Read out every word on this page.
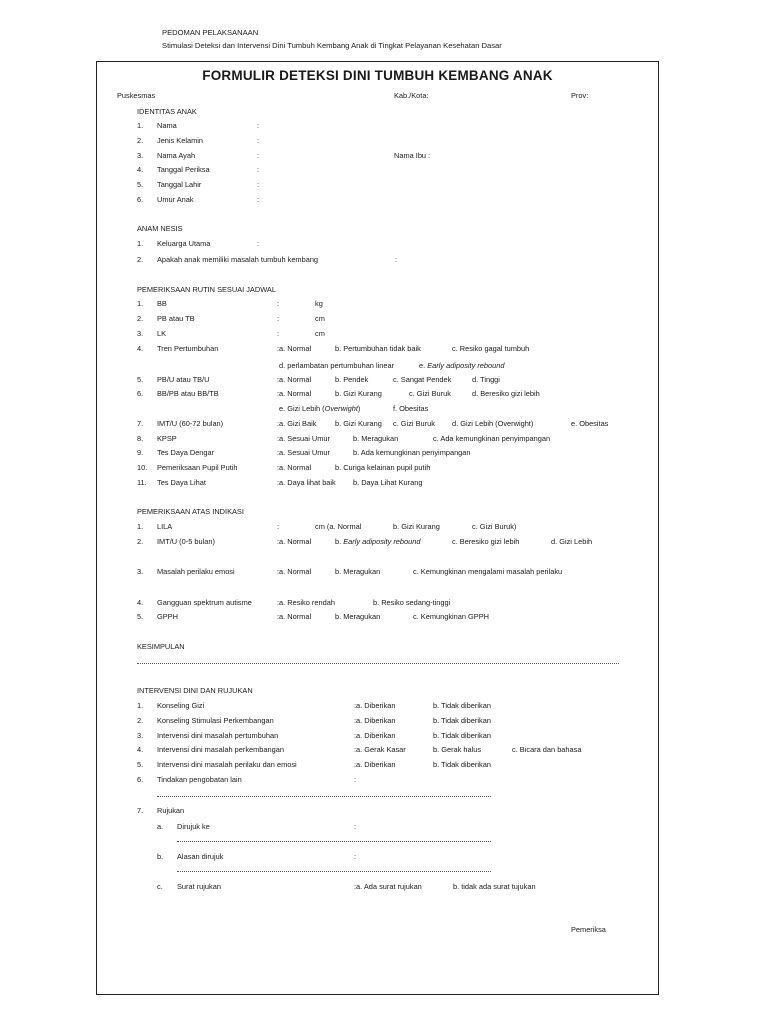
PEDOMAN PELAKSANAAN
Stimulasi Deteksi dan Intervensi Dini Tumbuh Kembang Anak di Tingkat Pelayanan Kesehatan Dasar
FORMULIR DETEKSI DINI TUMBUH KEMBANG ANAK
Puskesmas	Kab./Kota:	Prov:
IDENTITAS ANAK
1. Nama	:
2. Jenis Kelamin	:
3. Nama Ayah	:	Nama Ibu :
4. Tanggal Periksa	:
5. Tanggal Lahir	:
6. Umur Anak	:
ANAM NESIS
1. Keluarga Utama	:
2. Apakah anak memiliki masalah tumbuh kembang	:
PEMERIKSAAN RUTIN SESUAI JADWAL
1. BB	:	kg
2. PB atau TB	:	cm
3. LK	:	cm
4. Tren Pertumbuhan	:a. Normal	b. Pertumbuhan tidak baik	c. Resiko gagal tumbuh
d. perlambatan pertumbuhan linear	e. Early adiposity rebound
5. PB/U atau TB/U	:a. Normal	b. Pendek	c. Sangat Pendek	d. Tinggi
6. BB/PB atau BB/TB	:a. Normal	b. Gizi Kurang	c. Gizi Buruk	d. Beresiko gizi lebih
e. Gizi Lebih (Overwight)	f. Obesitas
7. IMT/U (60-72 bulan)	:a. Gizi Baik	b. Gizi Kurang c. Gizi Buruk d. Gizi Lebih (Overwight)	e. Obesitas
8. KPSP	:a. Sesuai Umur	b. Meragukan	c. Ada kemungkinan penyimpangan
9. Tes Daya Dengar	:a. Sesuai Umur	b. Ada kemungkinan penyimpangan
10. Pemeriksaan Pupil Putih	:a. Normal	b. Curiga kelainan pupil putih
11. Tes Daya Lihat	:a. Daya lihat baik b. Daya Lihat Kurang
PEMERIKSAAN ATAS INDIKASI
1. LILA	:	cm (a. Normal	b. Gizi Kurang	c. Gizi Buruk)
2. IMT/U (0-5 bulan)	:a. Normal	b. Early adiposity rebound	c. Beresiko gizi lebih	d. Gizi Lebih
3. Masalah perilaku emosi	:a. Normal	b. Meragukan	c. Kemungkinan mengalami masalah perilaku
4. Gangguan spektrum autisme	:a. Resiko rendah	b. Resiko sedang-tinggi
5. GPPH	:a. Normal	b. Meragukan	c. Kemungkinan GPPH
KESIMPULAN
INTERVENSI DINI DAN RUJUKAN
1. Konseling Gizi	:a. Diberikan	b. Tidak diberikan
2. Konseling Stimulasi Perkembangan	:a. Diberikan	b. Tidak diberikan
3. Intervensi dini masalah pertumbuhan	:a. Diberikan	b. Tidak diberikan
4. Intervensi dini masalah perkembangan	:a. Gerak Kasar	b. Gerak halus	c. Bicara dan bahasa
5. Intervensi dini masalah perilaku dan emosi	:a. Diberikan	b. Tidak diberikan
6. Tindakan pengobatan lain	:
7. Rujukan
a. Dirujuk ke	:
b. Alasan dirujuk	:
c. Surat rujukan	:a. Ada surat rujukan	b. tidak ada surat tujukan
Pemeriksa
